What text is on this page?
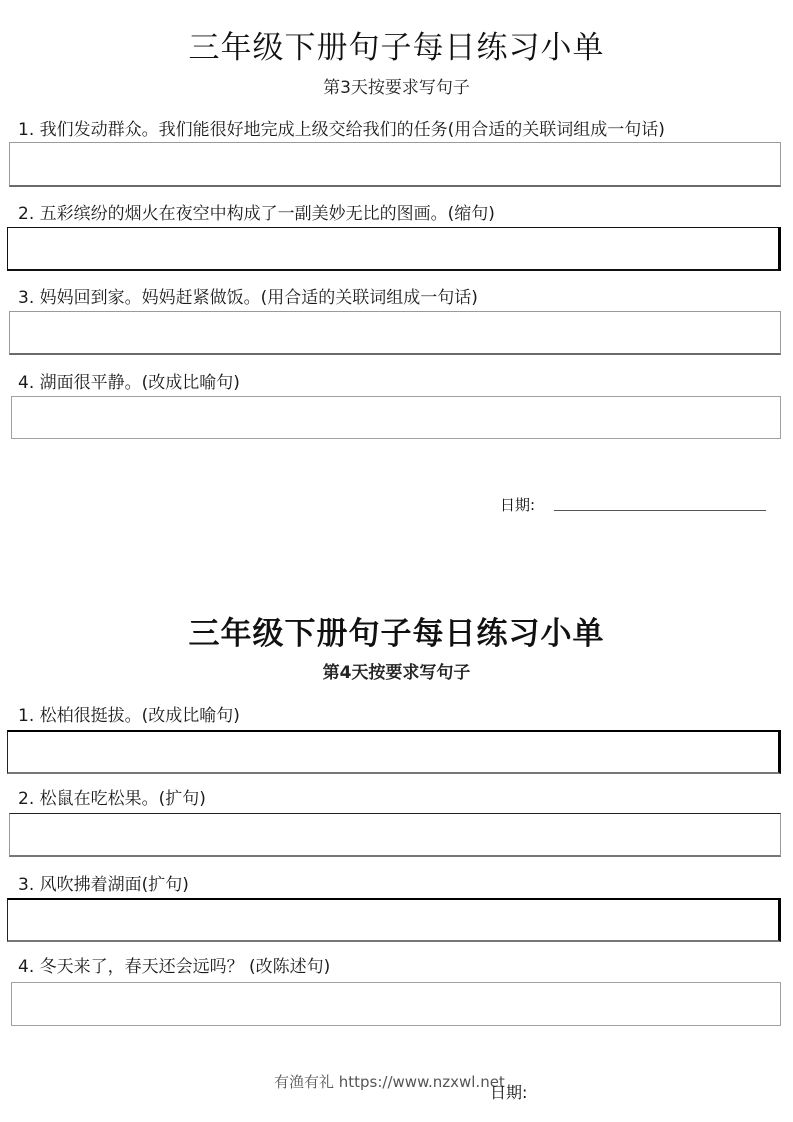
三年级下册句子每日练习小单
第3天按要求写句子
1. 我们发动群众。我们能很好地完成上级交给我们的任务(用合适的关联词组成一句话)
2. 五彩缤纷的烟火在夜空中构成了一副美妙无比的图画。(缩句)
3. 妈妈回到家。妈妈赶紧做饭。(用合适的关联词组成一句话)
4. 湖面很平静。(改成比喻句)
日期:
三年级下册句子每日练习小单
第4天按要求写句子
1. 松柏很挺拔。(改成比喻句)
2. 松鼠在吃松果。(扩句)
3. 风吹拂着湖面(扩句)
4. 冬天来了，春天还会远吗？ (改陈述句)
有渔有礼 https://www.nzxwl.net
日期:
